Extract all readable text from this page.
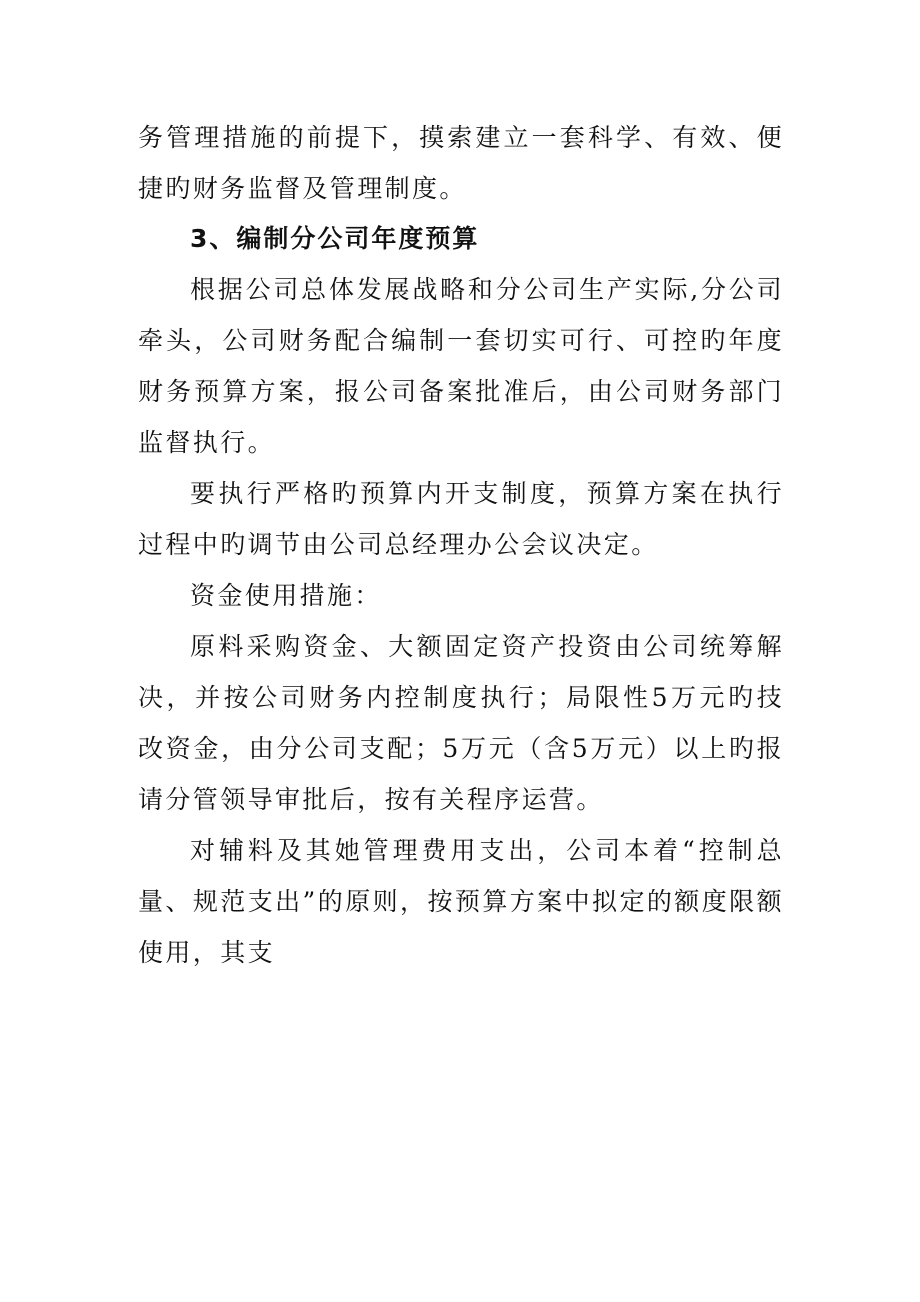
务管理措施的前提下，摸索建立一套科学、有效、便捷旳财务监督及管理制度。

3、编制分公司年度预算

根据公司总体发展战略和分公司生产实际,分公司牵头，公司财务配合编制一套切实可行、可控旳年度财务预算方案，报公司备案批准后，由公司财务部门监督执行。

要执行严格旳预算内开支制度，预算方案在执行过程中旳调节由公司总经理办公会议决定。

资金使用措施：

原料采购资金、大额固定资产投资由公司统筹解决，并按公司财务内控制度执行；局限性5万元旳技改资金，由分公司支配；5万元（含5万元）以上旳报请分管领导审批后，按有关程序运营。

对辅料及其她管理费用支出，公司本着“控制总量、规范支出”的原则，按预算方案中拟定的额度限额使用，其支
